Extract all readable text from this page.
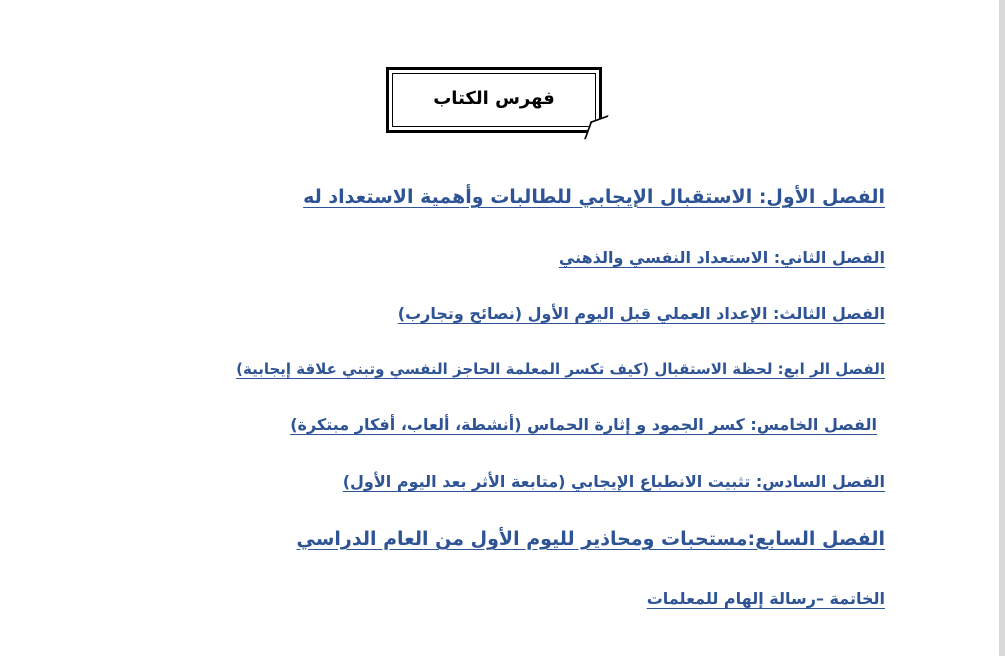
فهرس الكتاب
الفصل الأول: الاستقبال الإيجابي للطالبات وأهمية الاستعداد له
الفصل الثاني: الاستعداد النفسي والذهني
الفصل الثالث: الإعداد العملي قبل اليوم الأول (نصائح وتجارب)
الفصل الر ابع: لحظة الاستقبال (كيف تكسر المعلمة الحاجز النفسي وتبني علاقة إيجابية)
الفصل الخامس: كسر الجمود و إثارة الحماس (أنشطة، ألعاب، أفكار مبتكرة)
الفصل السادس: تثبيت الانطباع الإيجابي (متابعة الأثر بعد اليوم الأول)
الفصل السابع:مستحبات ومحاذير لليوم الأول من العام الدراسي
الخاتمة –رسالة إلهام للمعلمات
